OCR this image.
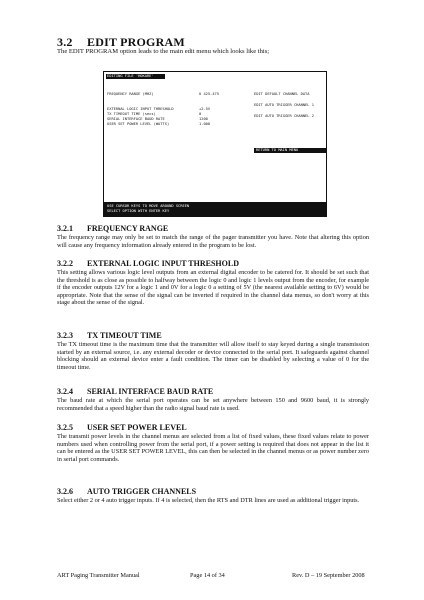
3.2 EDIT PROGRAM
The EDIT PROGRAM option leads to the main edit menu which looks like this;
EDITING FILE 'HOKARE'
FREQUENCY RANGE (MHZ)	U 425-475
EXTERNAL LOGIC INPUT THRESHOLD	+2.5V
TX TIMEOUT TIME (secs)	0
SERIAL INTERFACE BAUD RATE	1200
USER SET POWER LEVEL (WATTS)	1.000
EDIT DEFAULT CHANNEL DATA
EDIT AUTO TRIGGER CHANNEL 1
EDIT AUTO TRIGGER CHANNEL 2
RETURN TO MAIN MENU
USE CURSOR KEYS TO MOVE AROUND SCREEN
SELECT OPTION WITH ENTER KEY
3.2.1 FREQUENCY RANGE
The frequency range may only be set to match the range of the pager transmitter you have. Note that altering this option will cause any frequency information already entered in the program to be lost.
3.2.2 EXTERNAL LOGIC INPUT THRESHOLD
This setting allows various logic level outputs from an external digital encoder to be catered for. It should be set such that the threshold is as close as possible to halfway between the logic 0 and logic 1 levels output from the encoder, for example if the encoder outputs 12V for a logic 1 and 0V for a logic 0 a setting of 5V (the nearest available setting to 6V) would be appropriate. Note that the sense of the signal can be inverted if required in the channel data menus, so don't worry at this stage about the sense of the signal.
3.2.3 TX TIMEOUT TIME
The TX timeout time is the maximum time that the transmitter will allow itself to stay keyed during a single transmission started by an external source, i.e. any external decoder or device connected to the serial port. It safeguards against channel blocking should an external device enter a fault condition. The timer can be disabled by selecting a value of 0 for the timeout time.
3.2.4 SERIAL INTERFACE BAUD RATE
The baud rate at which the serial port operates can be set anywhere between 150 and 9600 baud, it is strongly recommended that a speed higher than the radio signal baud rate is used.
3.2.5 USER SET POWER LEVEL
The transmit power levels in the channel menus are selected from a list of fixed values, these fixed values relate to power numbers used when controlling power from the serial port, if a power setting is required that does not appear in the list it can be entered as the USER SET POWER LEVEL, this can then be selected in the channel menus or as power number zero in serial port commands.
3.2.6 AUTO TRIGGER CHANNELS
Select either 2 or 4 auto trigger inputs. If 4 is selected, then the RTS and DTR lines are used as additional trigger inputs.
ART Paging Transmitter Manual	Page 14 of 34	Rev. D – 19 September 2008
